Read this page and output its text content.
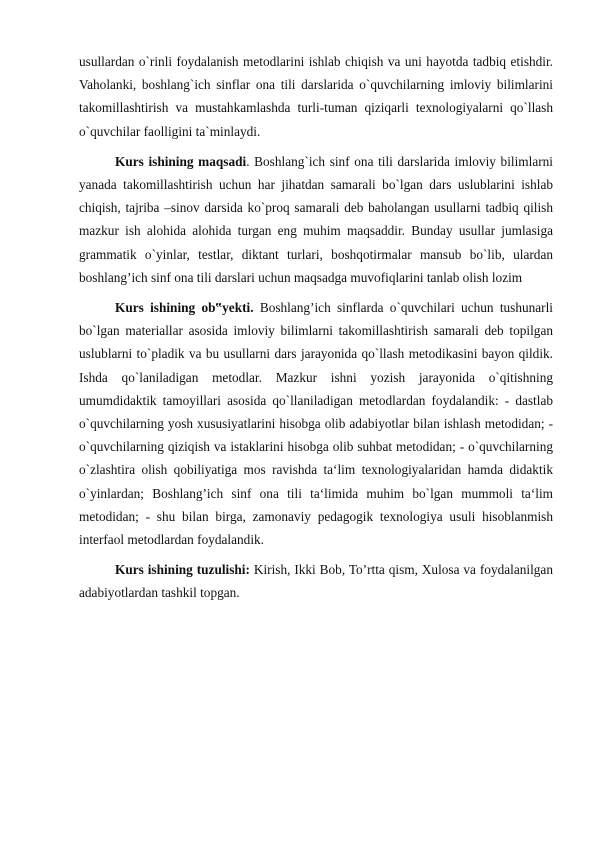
usullardan o`rinli foydalanish metodlarini ishlab chiqish va uni hayotda tadbiq etishdir. Vaholanki, boshlang`ich sinflar ona tili darslarida o`quvchilarning imloviy bilimlarini takomillashtirish va mustahkamlashda turli-tuman qiziqarli texnologiyalarni qo`llash o`quvchilar faolligini ta`minlaydi.

Kurs ishining maqsadi. Boshlang`ich sinf ona tili darslarida imloviy bilimlarni yanada takomillashtirish uchun har jihatdan samarali bo`lgan dars uslublarini ishlab chiqish, tajriba –sinov darsida ko`proq samarali deb baholangan usullarni tadbiq qilish mazkur ish alohida alohida turgan eng muhim maqsaddir. Bunday usullar jumlasiga grammatik o`yinlar, testlar, diktant turlari, boshqotirmalar mansub bo`lib, ulardan boshlang’ich sinf ona tili darslari uchun maqsadga muvofiqlarini tanlab olish lozim

Kurs ishining ob‟yekti. Boshlang’ich sinflarda o`quvchilari uchun tushunarli bo`lgan materiallar asosida imloviy bilimlarni takomillashtirish samarali deb topilgan uslublarni to`pladik va bu usullarni dars jarayonida qo`llash metodikasini bayon qildik. Ishda qo`laniladigan metodlar. Mazkur ishni yozish jarayonida o`qitishning umumdidaktik tamoyillari asosida qo`llaniladigan metodlardan foydalandik: - dastlab o`quvchilarning yosh xususiyatlarini hisobga olib adabiyotlar bilan ishlash metodidan; - o`quvchilarning qiziqish va istaklarini hisobga olib suhbat metodidan; - o`quvchilarning o`zlashtira olish qobiliyatiga mos ravishda ta‘lim texnologiyalaridan hamda didaktik o`yinlardan; Boshlang’ich sinf ona tili ta‘limida muhim bo`lgan mummoli ta‘lim metodidan; - shu bilan birga, zamonaviy pedagogik texnologiya usuli hisoblanmish interfaol metodlardan foydalandik.

Kurs ishining tuzulishi: Kirish, Ikki Bob, To’rtta qism, Xulosa va foydalanilgan adabiyotlardan tashkil topgan.
